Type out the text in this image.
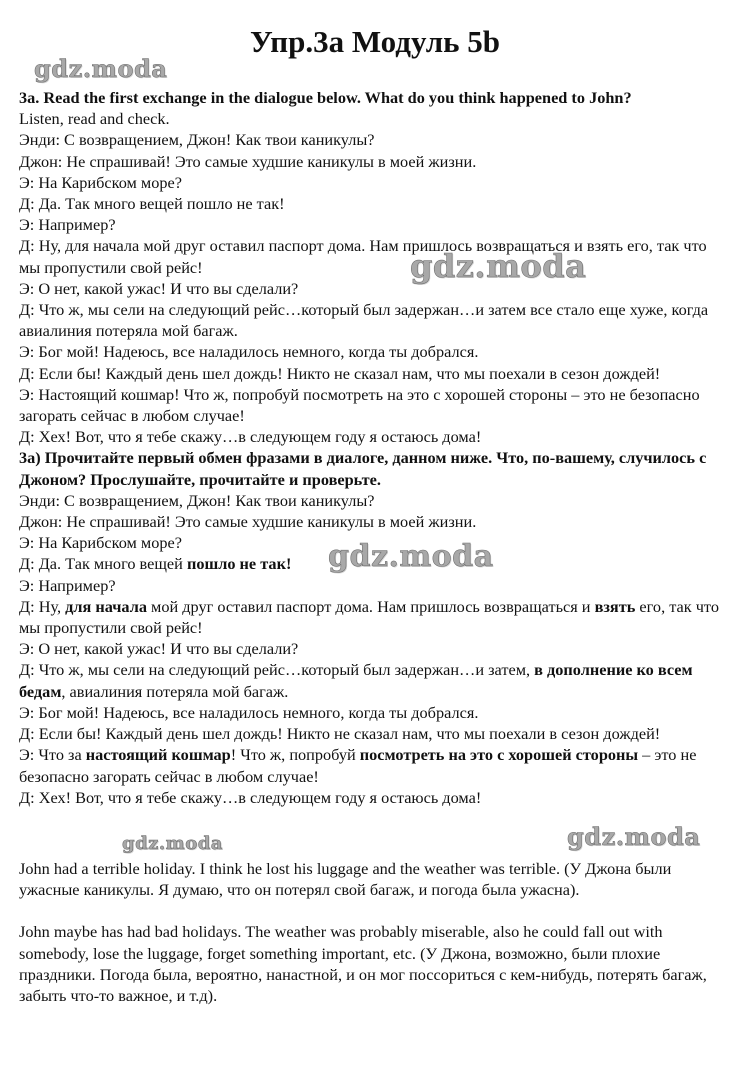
Упр.3а Модуль 5b
3a. Read the first exchange in the dialogue below. What do you think happened to John?
Listen, read and check.
Энди: С возвращением, Джон! Как твои каникулы?
Джон: Не спрашивай! Это самые худшие каникулы в моей жизни.
Э: На Карибском море?
Д: Да. Так много вещей пошло не так!
Э: Например?
Д: Ну, для начала мой друг оставил паспорт дома. Нам пришлось возвращаться и взять его, так что мы пропустили свой рейс!
Э: О нет, какой ужас! И что вы сделали?
Д: Что ж, мы сели на следующий рейс…который был задержан…и затем все стало еще хуже, когда авиалиния потеряла мой багаж.
Э: Бог мой! Надеюсь, все наладилось немного, когда ты добрался.
Д: Если бы! Каждый день шел дождь! Никто не сказал нам, что мы поехали в сезон дождей!
Э: Настоящий кошмар! Что ж, попробуй посмотреть на это с хорошей стороны – это не безопасно загорать сейчас в любом случае!
Д: Хех! Вот, что я тебе скажу…в следующем году я остаюсь дома!
3а) Прочитайте первый обмен фразами в диалоге, данном ниже. Что, по-вашему, случилось с Джоном? Прослушайте, прочитайте и проверьте.
Энди: С возвращением, Джон! Как твои каникулы?
Джон: Не спрашивай! Это самые худшие каникулы в моей жизни.
Э: На Карибском море?
Д: Да. Так много вещей пошло не так!
Э: Например?
Д: Ну, для начала мой друг оставил паспорт дома. Нам пришлось возвращаться и взять его, так что мы пропустили свой рейс!
Э: О нет, какой ужас! И что вы сделали?
Д: Что ж, мы сели на следующий рейс…который был задержан…и затем, в дополнение ко всем бедам, авиалиния потеряла мой багаж.
Э: Бог мой! Надеюсь, все наладилось немного, когда ты добрался.
Д: Если бы! Каждый день шел дождь! Никто не сказал нам, что мы поехали в сезон дождей!
Э: Что за настоящий кошмар! Что ж, попробуй посмотреть на это с хорошей стороны – это не безопасно загорать сейчас в любом случае!
Д: Хех! Вот, что я тебе скажу…в следующем году я остаюсь дома!

John had a terrible holiday. I think he lost his luggage and the weather was terrible. (У Джона были ужасные каникулы. Я думаю, что он потерял свой багаж, и погода была ужасна).

John maybe has had bad holidays. The weather was probably miserable, also he could fall out with somebody, lose the luggage, forget something important, etc. (У Джона, возможно, были плохие праздники. Погода была, вероятно, нанастной, и он мог поссориться с кем-нибудь, потерять багаж, забыть что-то важное, и т.д).

gdz.moda
gdz.moda
gdz.moda
gdz.moda
gdz.moda
